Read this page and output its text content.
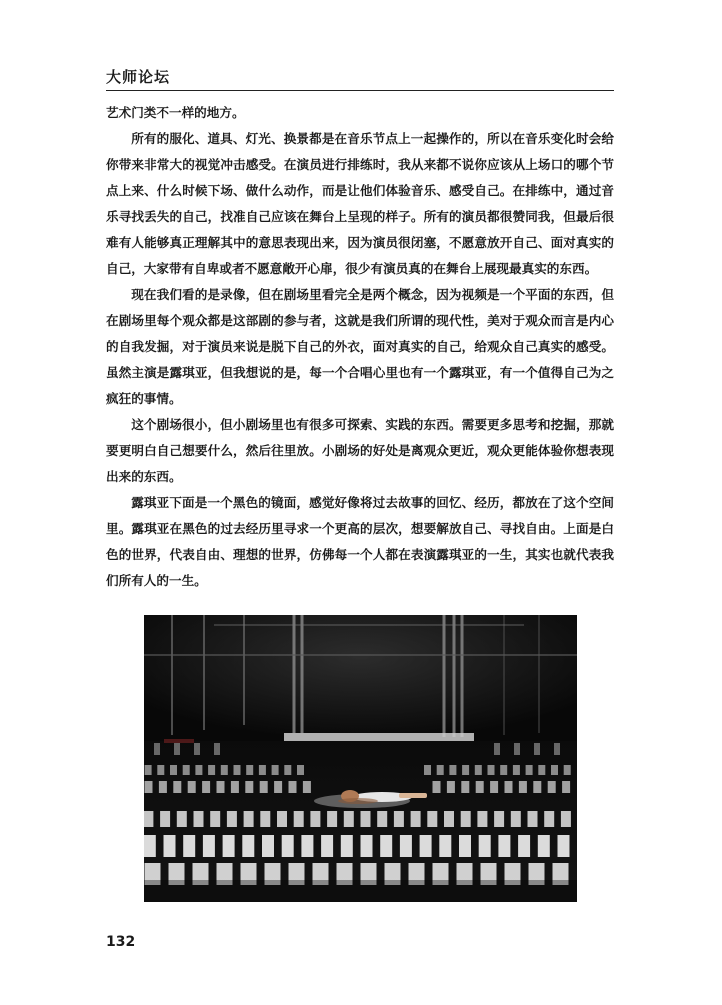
大师论坛

艺术门类不一样的地方。

所有的服化、道具、灯光、换景都是在音乐节点上一起操作的，所以在音乐变化时会给你带来非常大的视觉冲击感受。在演员进行排练时，我从来都不说你应该从上场口的哪个节点上来、什么时候下场、做什么动作，而是让他们体验音乐、感受自己。在排练中，通过音乐寻找丢失的自己，找准自己应该在舞台上呈现的样子。所有的演员都很赞同我，但最后很难有人能够真正理解其中的意思表现出来，因为演员很闭塞，不愿意放开自己、面对真实的自己，大家带有自卑或者不愿意敞开心扉，很少有演员真的在舞台上展现最真实的东西。

现在我们看的是录像，但在剧场里看完全是两个概念，因为视频是一个平面的东西，但在剧场里每个观众都是这部剧的参与者，这就是我们所谓的现代性，美对于观众而言是内心的自我发掘，对于演员来说是脱下自己的外衣，面对真实的自己，给观众自己真实的感受。虽然主演是露琪亚，但我想说的是，每一个合唱心里也有一个露琪亚，有一个值得自己为之疯狂的事情。

这个剧场很小，但小剧场里也有很多可探索、实践的东西。需要更多思考和挖掘，那就要更明白自己想要什么，然后往里放。小剧场的好处是离观众更近，观众更能体验你想表现出来的东西。

露琪亚下面是一个黑色的镜面，感觉好像将过去故事的回忆、经历，都放在了这个空间里。露琪亚在黑色的过去经历里寻求一个更高的层次，想要解放自己、寻找自由。上面是白色的世界，代表自由、理想的世界，仿佛每一个人都在表演露琪亚的一生，其实也就代表我们所有人的一生。

132
